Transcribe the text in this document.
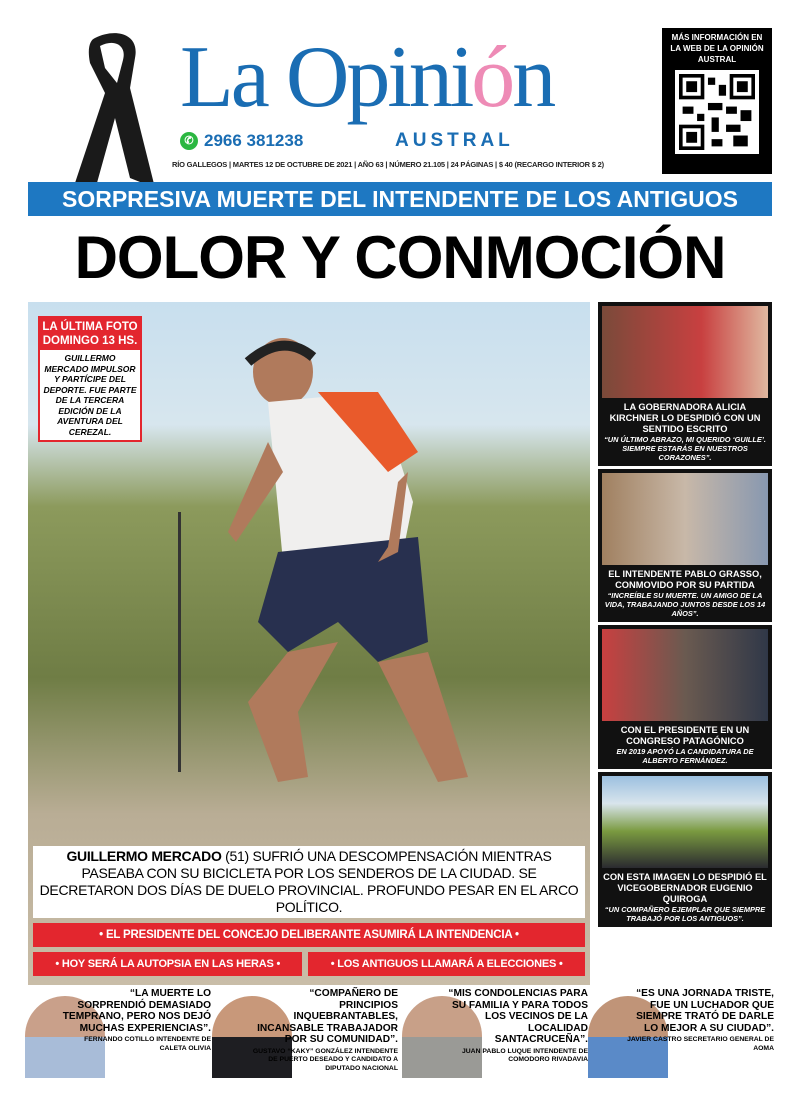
La Opinión
AUSTRAL
✆ 2966 381238
MÁS INFORMACIÓN EN LA WEB DE LA OPINIÓN AUSTRAL
RÍO GALLEGOS | MARTES 12 DE OCTUBRE DE 2021 | AÑO 63 | NÚMERO 21.105 | 24 PÁGINAS | $ 40 (RECARGO INTERIOR $ 2)
SORPRESIVA MUERTE DEL INTENDENTE DE LOS ANTIGUOS
DOLOR Y CONMOCIÓN
LA ÚLTIMA FOTO DOMINGO 13 HS.
GUILLERMO MERCADO IMPULSOR Y PARTÍCIPE DEL DEPORTE. FUE PARTE DE LA TERCERA EDICIÓN DE LA AVENTURA DEL CEREZAL.
GUILLERMO MERCADO (51) SUFRIÓ UNA DESCOMPENSACIÓN MIENTRAS PASEABA CON SU BICICLETA POR LOS SENDEROS DE LA CIUDAD. SE DECRETARON DOS DÍAS DE DUELO PROVINCIAL. PROFUNDO PESAR EN EL ARCO POLÍTICO.
• EL PRESIDENTE DEL CONCEJO DELIBERANTE ASUMIRÁ LA INTENDENCIA •
• HOY SERÁ LA AUTOPSIA EN LAS HERAS •	• LOS ANTIGUOS LLAMARÁ A ELECCIONES •
LA GOBERNADORA ALICIA KIRCHNER LO DESPIDIÓ CON UN SENTIDO ESCRITO
“UN ÚLTIMO ABRAZO, MI QUERIDO ‘GUILLE’. SIEMPRE ESTARÁS EN NUESTROS CORAZONES”.
EL INTENDENTE PABLO GRASSO, CONMOVIDO POR SU PARTIDA
“INCREÍBLE SU MUERTE. UN AMIGO DE LA VIDA, TRABAJANDO JUNTOS DESDE LOS 14 AÑOS”.
CON EL PRESIDENTE EN UN CONGRESO PATAGÓNICO
EN 2019 APOYÓ LA CANDIDATURA DE ALBERTO FERNÁNDEZ.
CON ESTA IMAGEN LO DESPIDIÓ EL VICEGOBERNADOR EUGENIO QUIROGA
“UN COMPAÑERO EJEMPLAR QUE SIEMPRE TRABAJÓ POR LOS ANTIGUOS”.
“LA MUERTE LO SORPRENDIÓ DEMASIADO TEMPRANO, PERO NOS DEJÓ MUCHAS EXPERIENCIAS”.
FERNANDO COTILLO INTENDENTE DE CALETA OLIVIA
“COMPAÑERO DE PRINCIPIOS INQUEBRANTABLES, INCANSABLE TRABAJADOR POR SU COMUNIDAD”.
GUSTAVO “KAKY” GONZÁLEZ INTENDENTE DE PUERTO DESEADO Y CANDIDATO A DIPUTADO NACIONAL
“MIS CONDOLENCIAS PARA SU FAMILIA Y PARA TODOS LOS VECINOS DE LA LOCALIDAD SANTACRUCEÑA”.
JUAN PABLO LUQUE INTENDENTE DE COMODORO RIVADAVIA
“ES UNA JORNADA TRISTE, FUE UN LUCHADOR QUE SIEMPRE TRATÓ DE DARLE LO MEJOR A SU CIUDAD”.
JAVIER CASTRO SECRETARIO GENERAL DE AOMA
